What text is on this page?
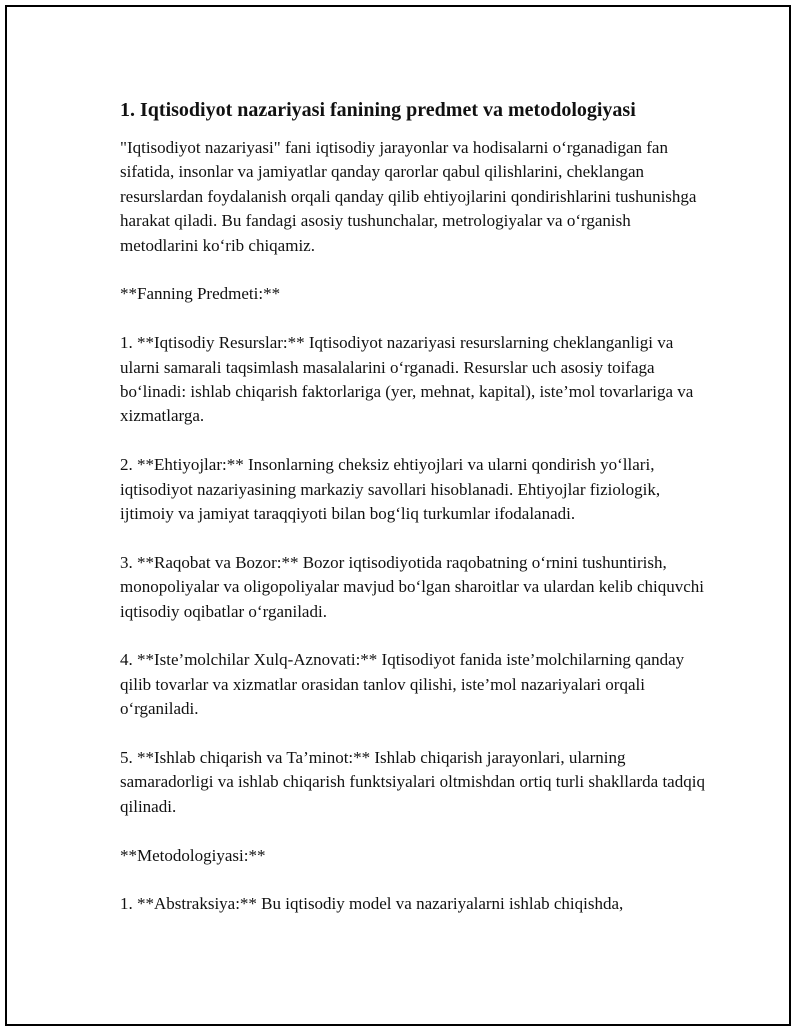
1. Iqtisodiyot nazariyasi fanining predmet va metodologiyasi

"Iqtisodiyot nazariyasi" fani iqtisodiy jarayonlar va hodisalarni o‘rganadigan fan sifatida, insonlar va jamiyatlar qanday qarorlar qabul qilishlarini, cheklangan resurslardan foydalanish orqali qanday qilib ehtiyojlarini qondirishlarini tushunishga harakat qiladi. Bu fandagi asosiy tushunchalar, metrologiyalar va o‘rganish metodlarini ko‘rib chiqamiz.

**Fanning Predmeti:**

1. **Iqtisodiy Resurslar:** Iqtisodiyot nazariyasi resurslarning cheklanganligi va ularni samarali taqsimlash masalalarini o‘rganadi. Resurslar uch asosiy toifaga bo‘linadi: ishlab chiqarish faktorlariga (yer, mehnat, kapital), iste’mol tovarlariga va xizmatlarga.

2. **Ehtiyojlar:** Insonlarning cheksiz ehtiyojlari va ularni qondirish yo‘llari, iqtisodiyot nazariyasining markaziy savollari hisoblanadi. Ehtiyojlar fiziologik, ijtimoiy va jamiyat taraqqiyoti bilan bog‘liq turkumlar ifodalanadi.

3. **Raqobat va Bozor:** Bozor iqtisodiyotida raqobatning o‘rnini tushuntirish, monopoliyalar va oligopoliyalar mavjud bo‘lgan sharoitlar va ulardan kelib chiquvchi iqtisodiy oqibatlar o‘rganiladi.

4. **Iste’molchilar Xulq-Aznovati:** Iqtisodiyot fanida iste’molchilarning qanday qilib tovarlar va xizmatlar orasidan tanlov qilishi, iste’mol nazariyalari orqali o‘rganiladi.

5. **Ishlab chiqarish va Ta’minot:** Ishlab chiqarish jarayonlari, ularning samaradorligi va ishlab chiqarish funktsiyalari oltmishdan ortiq turli shakllarda tadqiq qilinadi.

**Metodologiyasi:**

1. **Abstraksiya:** Bu iqtisodiy model va nazariyalarni ishlab chiqishda,
